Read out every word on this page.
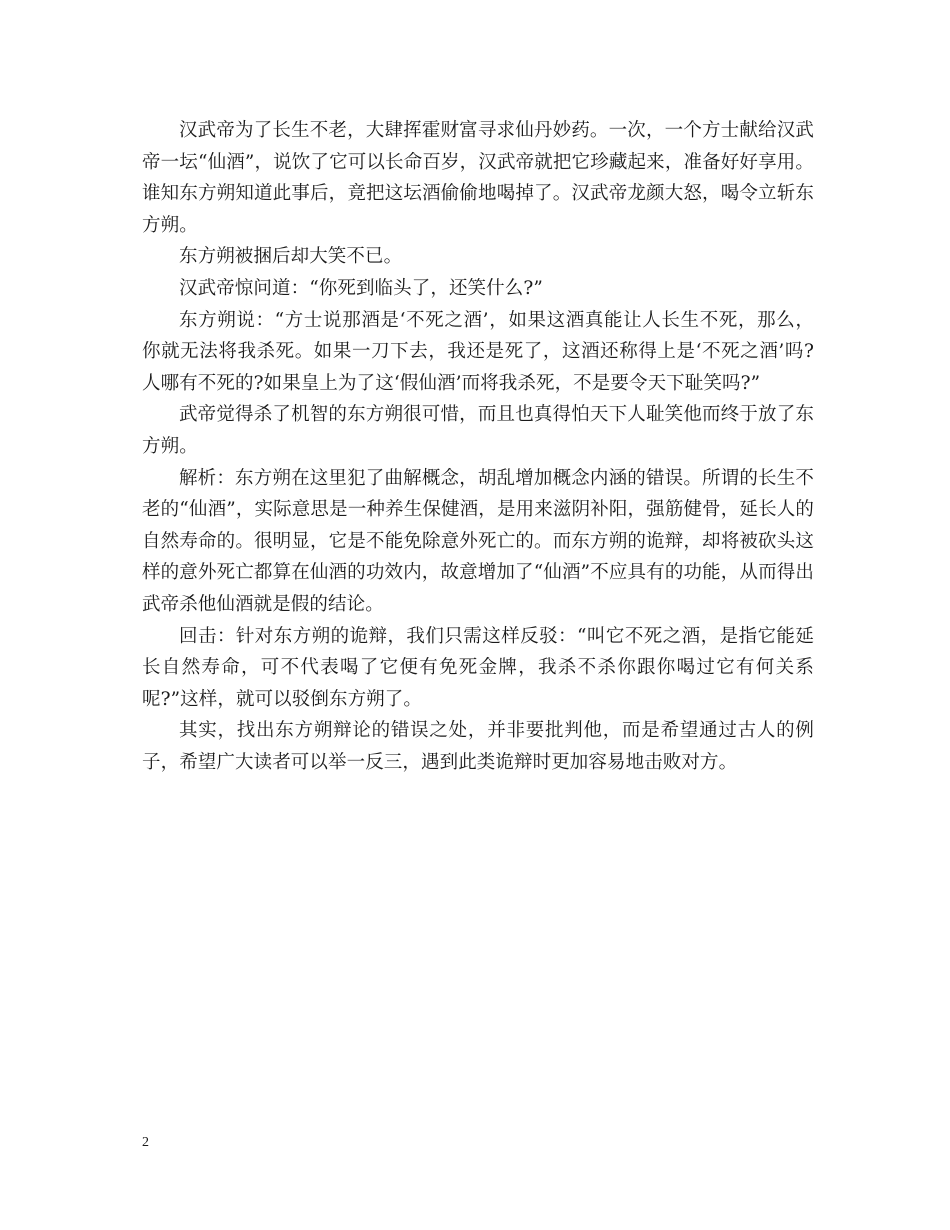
汉武帝为了长生不老，大肆挥霍财富寻求仙丹妙药。一次，一个方士献给汉武帝一坛“仙酒”，说饮了它可以长命百岁，汉武帝就把它珍藏起来，准备好好享用。谁知东方朔知道此事后，竟把这坛酒偷偷地喝掉了。汉武帝龙颜大怒，喝令立斩东方朔。

东方朔被捆后却大笑不已。

汉武帝惊问道：“你死到临头了，还笑什么?”

东方朔说：“方士说那酒是‘不死之酒’，如果这酒真能让人长生不死，那么，你就无法将我杀死。如果一刀下去，我还是死了，这酒还称得上是‘不死之酒’吗?人哪有不死的?如果皇上为了这‘假仙酒’而将我杀死，不是要令天下耻笑吗?”

武帝觉得杀了机智的东方朔很可惜，而且也真得怕天下人耻笑他而终于放了东方朔。

解析：东方朔在这里犯了曲解概念，胡乱增加概念内涵的错误。所谓的长生不老的“仙酒”，实际意思是一种养生保健酒，是用来滋阴补阳，强筋健骨，延长人的自然寿命的。很明显，它是不能免除意外死亡的。而东方朔的诡辩，却将被砍头这样的意外死亡都算在仙酒的功效内，故意增加了“仙酒”不应具有的功能，从而得出武帝杀他仙酒就是假的结论。

回击：针对东方朔的诡辩，我们只需这样反驳：“叫它不死之酒，是指它能延长自然寿命，可不代表喝了它便有免死金牌，我杀不杀你跟你喝过它有何关系呢?”这样，就可以驳倒东方朔了。

其实，找出东方朔辩论的错误之处，并非要批判他，而是希望通过古人的例子，希望广大读者可以举一反三，遇到此类诡辩时更加容易地击败对方。

2
